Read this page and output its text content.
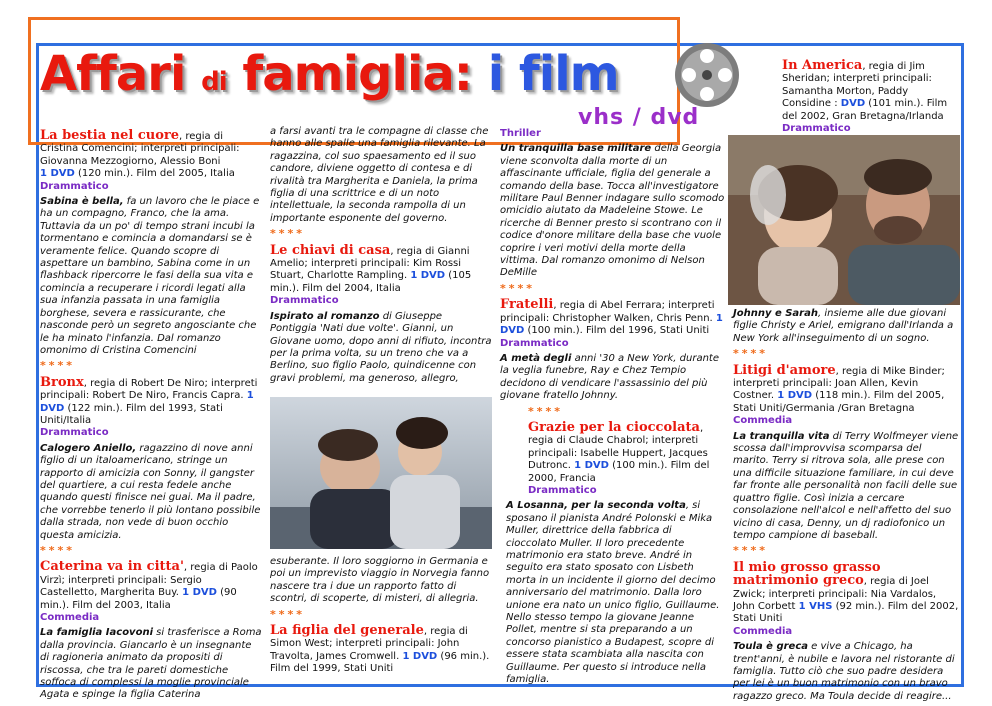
Affari di famiglia: i film
vhs / dvd

La bestia nel cuore, regia di Cristina Comencini; interpreti principali: Giovanna Mezzogiorno, Alessio Boni
1 DVD (120 min.). Film del 2005, Italia
Drammatico

Sabina è bella, fa un lavoro che le piace e ha un compagno, Franco, che la ama. Tuttavia da un po' di tempo strani incubi la tormentano e comincia a domandarsi se è veramente felice. Quando scopre di aspettare un bambino, Sabina come in un flashback ripercorre le fasi della sua vita e comincia a recuperare i ricordi legati alla sua infanzia passata in una famiglia borghese, severa e rassicurante, che nasconde però un segreto angosciante che le ha minato l'infanzia. Dal romanzo omonimo di Cristina Comencini

****

Bronx, regia di Robert De Niro; interpreti principali: Robert De Niro, Francis Capra. 1 DVD (122 min.). Film del 1993, Stati Uniti/Italia
Drammatico

Calogero Aniello, ragazzino di nove anni figlio di un italoamericano, stringe un rapporto di amicizia con Sonny, il gangster del quartiere, a cui resta fedele anche quando questi finisce nei guai. Ma il padre, che vorrebbe tenerlo il più lontano possibile dalla strada, non vede di buon occhio questa amicizia.

****

Caterina va in citta', regia di Paolo Virzì; interpreti principali: Sergio Castelletto, Margherita Buy. 1 DVD (90 min.). Film del 2003, Italia
Commedia

La famiglia Iacovoni si trasferisce a Roma dalla provincia. Giancarlo è un insegnante di ragioneria animato da propositi di riscossa, che tra le pareti domestiche soffoca di complessi la moglie provinciale Agata e spinge la figlia Caterina

a farsi avanti tra le compagne di classe che hanno alle spalle una famiglia rilevante. La ragazzina, col suo spaesamento ed il suo candore, diviene oggetto di contesa e di rivalità tra Margherita e Daniela, la prima figlia di una scrittrice e di un noto intellettuale, la seconda rampolla di un importante esponente del governo.

****

Le chiavi di casa, regia di Gianni Amelio; interpreti principali: Kim Rossi Stuart, Charlotte Rampling. 1 DVD (105 min.). Film del 2004, Italia
Drammatico

Ispirato al romanzo di Giuseppe Pontiggia 'Nati due volte'. Gianni, un Giovane uomo, dopo anni di rifiuto, incontra per la prima volta, su un treno che va a Berlino, suo figlio Paolo, quindicenne con gravi problemi, ma generoso, allegro,

esuberante. Il loro soggiorno in Germania e poi un imprevisto viaggio in Norvegia fanno nascere tra i due un rapporto fatto di scontri, di scoperte, di misteri, di allegria.

****

La figlia del generale, regia di Simon West; interpreti principali: John Travolta, James Cromwell. 1 DVD (96 min.). Film del 1999, Stati Uniti

Thriller

Un tranquilla base militare della Georgia viene sconvolta dalla morte di un affascinante ufficiale, figlia del generale a comando della base. Tocca all'investigatore militare Paul Benner indagare sullo scomodo omicidio aiutato da Madeleine Stowe. Le ricerche di Benner presto si scontrano con il codice d'onore militare della base che vuole coprire i veri motivi della morte della vittima. Dal romanzo omonimo di Nelson DeMille

****

Fratelli, regia di Abel Ferrara; interpreti principali: Christopher Walken, Chris Penn. 1 DVD (100 min.). Film del 1996, Stati Uniti
Drammatico

A metà degli anni '30 a New York, durante la veglia funebre, Ray e Chez Tempio decidono di vendicare l'assassinio del più giovane fratello Johnny.

****

Grazie per la cioccolata, regia di Claude Chabrol; interpreti principali: Isabelle Huppert, Jacques Dutronc. 1 DVD (100 min.). Film del 2000, Francia
Drammatico

A Losanna, per la seconda volta, si sposano il pianista André Polonski e Mika Muller, direttrice della fabbrica di cioccolato Muller. Il loro precedente matrimonio era stato breve. André in seguito era stato sposato con Lisbeth morta in un incidente il giorno del decimo anniversario del matrimonio. Dalla loro unione era nato un unico figlio, Guillaume. Nello stesso tempo la giovane Jeanne Pollet, mentre si sta preparando a un concorso pianistico a Budapest, scopre di essere stata scambiata alla nascita con Guillaume. Per questo si introduce nella famiglia.

In America, regia di Jim Sheridan; interpreti principali: Samantha Morton, Paddy Considine : DVD (101 min.). Film del 2002, Gran Bretagna/Irlanda
Drammatico

Johnny e Sarah, insieme alle due giovani figlie Christy e Ariel, emigrano dall'Irlanda a New York all'inseguimento di un sogno.

****

Litigi d'amore, regia di Mike Binder; interpreti principali: Joan Allen, Kevin Costner. 1 DVD (118 min.). Film del 2005, Stati Uniti/Germania /Gran Bretagna
Commedia

La tranquilla vita di Terry Wolfmeyer viene scossa dall'improvvisa scomparsa del marito. Terry si ritrova sola, alle prese con una difficile situazione familiare, in cui deve far fronte alle personalità non facili delle sue quattro figlie. Così inizia a cercare consolazione nell'alcol e nell'affetto del suo vicino di casa, Denny, un dj radiofonico un tempo campione di baseball.

****

Il mio grosso grasso matrimonio greco, regia di Joel Zwick; interpreti principali: Nia Vardalos, John Corbett 1 VHS (92 min.). Film del 2002, Stati Uniti
Commedia

Toula è greca e vive a Chicago, ha trent'anni, è nubile e lavora nel ristorante di famiglia. Tutto ciò che suo padre desidera per lei è un buon matrimonio con un bravo ragazzo greco. Ma Toula decide di reagire...
